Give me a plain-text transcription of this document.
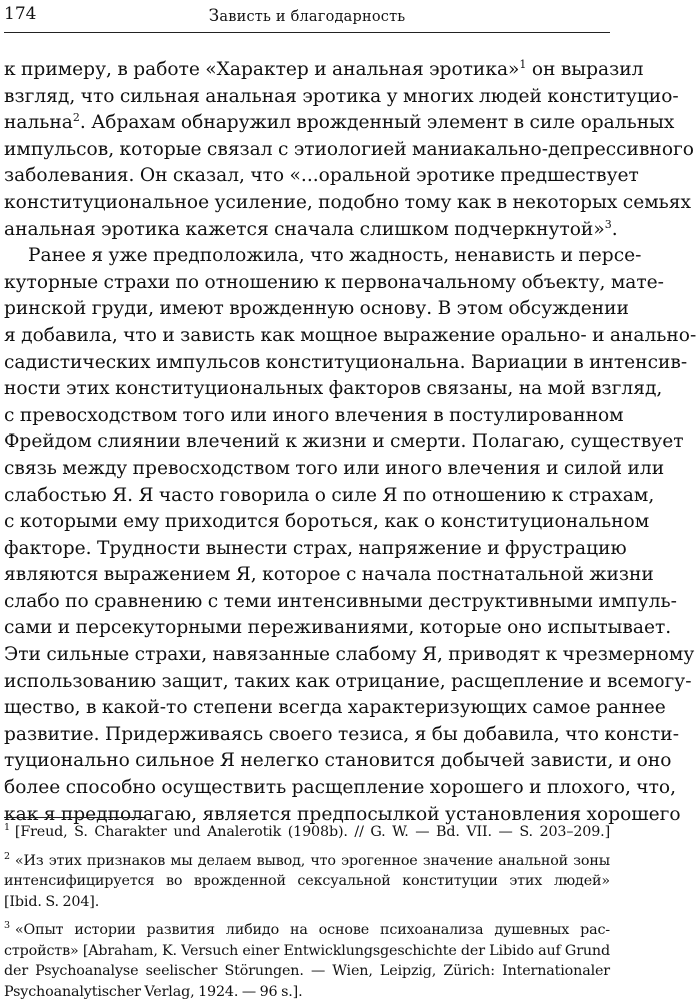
174	Зависть и благодарность
к примеру, в работе «Характер и анальная эротика»$^1$ он выразил
взгляд, что сильная анальная эротика у многих людей конституцио-
нальна$^2$. Абрахам обнаружил врожденный элемент в силе оральных
импульсов, которые связал с этиологией маниакально-депрессивного
заболевания. Он сказал, что «...оральной эротике предшествует
конституциональное усиление, подобно тому как в некоторых семьях
анальная эротика кажется сначала слишком подчеркнутой»$^3$.
Ранее я уже предположила, что жадность, ненависть и персе-
куторные страхи по отношению к первоначальному объекту, мате-
ринской груди, имеют врожденную основу. В этом обсуждении
я добавила, что и зависть как мощное выражение орально- и анально-
садистических импульсов конституциональна. Вариации в интенсив-
ности этих конституциональных факторов связаны, на мой взгляд,
с превосходством того или иного влечения в постулированном
Фрейдом слиянии влечений к жизни и смерти. Полагаю, существует
связь между превосходством того или иного влечения и силой или
слабостью Я. Я часто говорила о силе Я по отношению к страхам,
с которыми ему приходится бороться, как о конституциональном
факторе. Трудности вынести страх, напряжение и фрустрацию
являются выражением Я, которое с начала постнатальной жизни
слабо по сравнению с теми интенсивными деструктивными импуль-
сами и персекуторными переживаниями, которые оно испытывает.
Эти сильные страхи, навязанные слабому Я, приводят к чрезмерному
использованию защит, таких как отрицание, расщепление и всемогу-
щество, в какой-то степени всегда характеризующих самое раннее
развитие. Придерживаясь своего тезиса, я бы добавила, что консти-
туционально сильное Я нелегко становится добычей зависти, и оно
более способно осуществить расщепление хорошего и плохого, что,
как я предполагаю, является предпосылкой установления хорошего
$^1$ [Freud, S. Charakter und Analerotik (1908b). // G. W. — Bd. VII. — S. 203–209.]
$^2$ «Из этих признаков мы делаем вывод, что эрогенное значение анальной зоны
интенсифицируется во врожденной сексуальной конституции этих людей»
[Ibid. S. 204].
$^3$ «Опыт истории развития либидо на основе психоанализа душевных рас-
стройств» [Abraham, K. Versuch einer Entwicklungsgeschichte der Libido auf Grund
der Psychoanalyse seelischer Störungen. — Wien, Leipzig, Zürich: Internationaler
Psychoanalytischer Verlag, 1924. — 96 s.].
